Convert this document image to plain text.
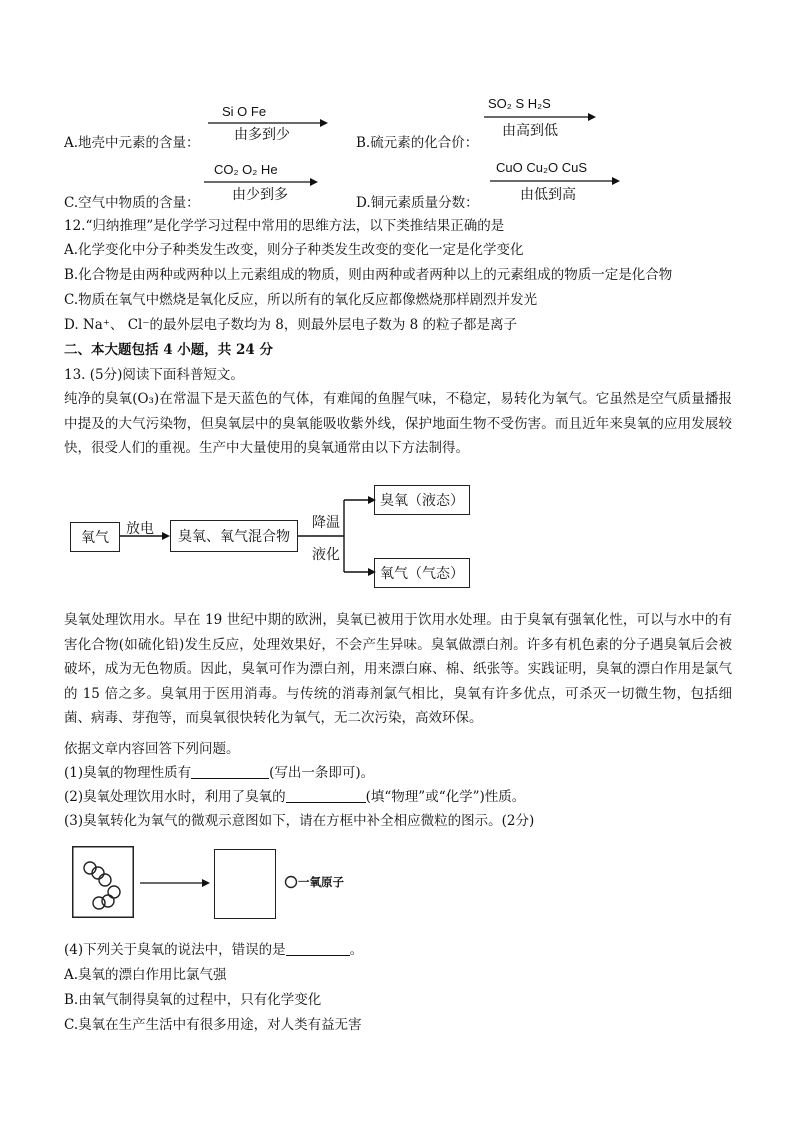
A.地壳中元素的含量：
Si O Fe
由多到少	B.硫元素的化合价：
SO₂ S H₂S
由高到低
C.空气中物质的含量：
CO₂ O₂ He
由少到多	D.铜元素质量分数：
CuO Cu₂O CuS
由低到高
12.“归纳推理”是化学学习过程中常用的思维方法，以下类推结果正确的是
A.化学变化中分子种类发生改变，则分子种类发生改变的变化一定是化学变化
B.化合物是由两种或两种以上元素组成的物质，则由两种或者两种以上的元素组成的物质一定是化合物
C.物质在氧气中燃烧是氧化反应，所以所有的氧化反应都像燃烧那样剧烈并发光
D. Na⁺、 Cl⁻的最外层电子数均为 8，则最外层电子数为 8 的粒子都是离子
二、本大题包括 4 小题，共 24 分
13. (5分)阅读下面科普短文。
纯净的臭氧(O₃)在常温下是天蓝色的气体，有难闻的鱼腥气味，不稳定，易转化为氧气。它虽然是空气质量播报中提及的大气污染物，但臭氧层中的臭氧能吸收紫外线，保护地面生物不受伤害。而且近年来臭氧的应用发展较快，很受人们的重视。生产中大量使用的臭氧通常由以下方法制得。
氧气
放电	臭氧、氧气混合物
降温
液化
臭氧（液态）
氧气（气态）
臭氧处理饮用水。早在 19 世纪中期的欧洲，臭氧已被用于饮用水处理。由于臭氧有强氧化性，可以与水中的有害化合物(如硫化铅)发生反应，处理效果好，不会产生异味。臭氧做漂白剂。许多有机色素的分子遇臭氧后会被破坏，成为无色物质。因此，臭氧可作为漂白剂，用来漂白麻、棉、纸张等。实践证明，臭氧的漂白作用是氯气的 15 倍之多。臭氧用于医用消毒。与传统的消毒剂氯气相比，臭氧有许多优点，可杀灭一切微生物，包括细菌、病毒、芽孢等，而臭氧很快转化为氧气，无二次污染，高效环保。
依据文章内容回答下列问题。
(1)臭氧的物理性质有	(写出一条即可)。
(2)臭氧处理饮用水时，利用了臭氧的	(填“物理”或“化学”)性质。
(3)臭氧转化为氧气的微观示意图如下，请在方框中补全相应微粒的图示。(2分)
一氧原子
(4)下列关于臭氧的说法中，错误的是	。
A.臭氧的漂白作用比氯气强
B.由氧气制得臭氧的过程中，只有化学变化
C.臭氧在生产生活中有很多用途，对人类有益无害
